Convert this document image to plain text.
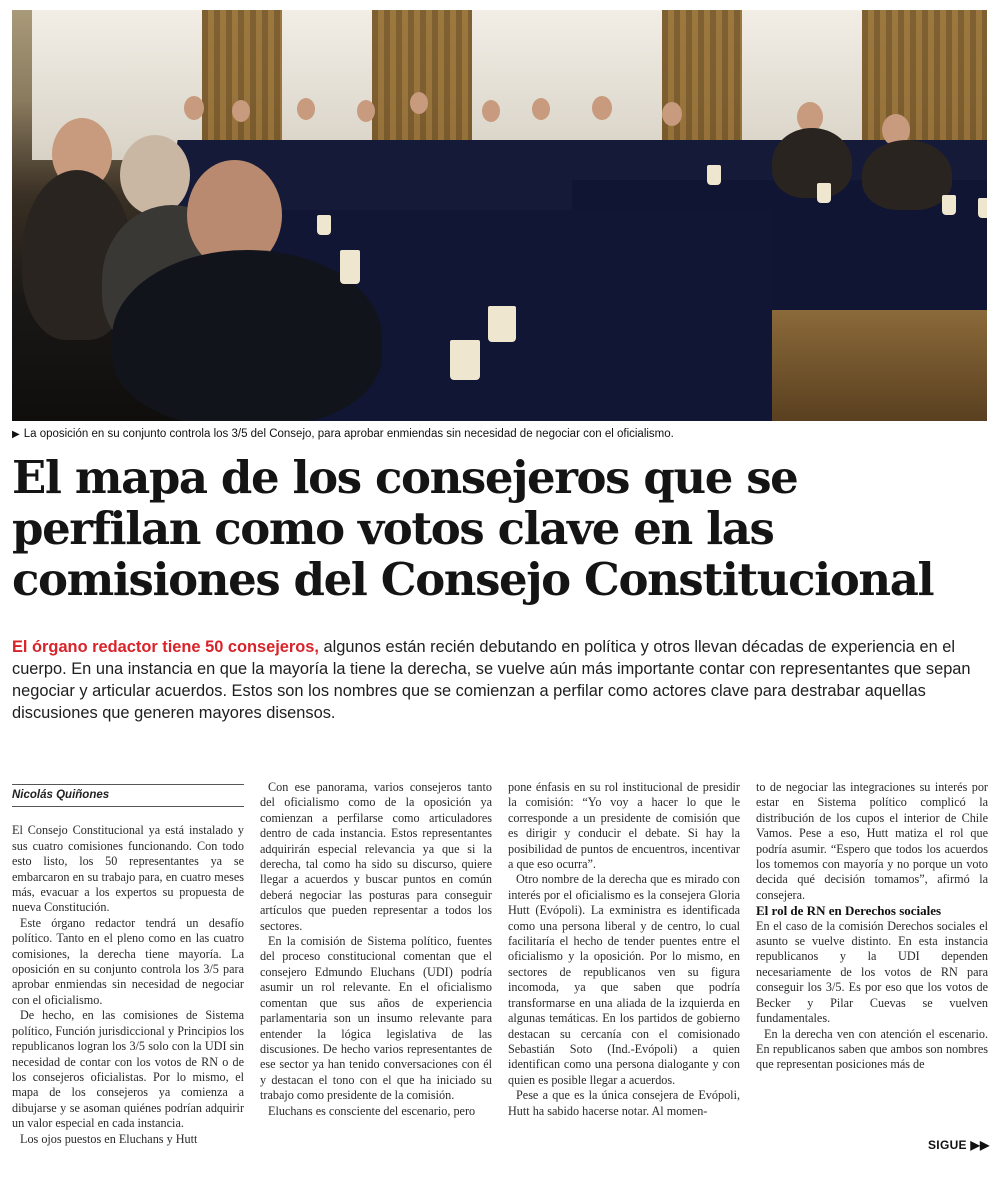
▶ La oposición en su conjunto controla los 3/5 del Consejo, para aprobar enmiendas sin necesidad de negociar con el oficialismo.
El mapa de los consejeros que se perfilan como votos clave en las comisiones del Consejo Constitucional

El órgano redactor tiene 50 consejeros, algunos están recién debutando en política y otros llevan décadas de experiencia en el cuerpo. En una instancia en que la mayoría la tiene la derecha, se vuelve aún más importante contar con representantes que sepan negociar y articular acuerdos. Estos son los nombres que se comienzan a perfilar como actores clave para destrabar aquellas discusiones que generen mayores disensos.

Nicolás Quiñones

El Consejo Constitucional ya está instalado y sus cuatro comisiones funcionando. Con todo esto listo, los 50 representantes ya se embarcaron en su trabajo para, en cuatro meses más, evacuar a los expertos su propuesta de nueva Constitución.

Este órgano redactor tendrá un desafío político. Tanto en el pleno como en las cuatro comisiones, la derecha tiene mayoría. La oposición en su conjunto controla los 3/5 para aprobar enmiendas sin necesidad de negociar con el oficialismo.

De hecho, en las comisiones de Sistema político, Función jurisdiccional y Principios los republicanos logran los 3/5 solo con la UDI sin necesidad de contar con los votos de RN o de los consejeros oficialistas. Por lo mismo, el mapa de los consejeros ya comienza a dibujarse y se asoman quiénes podrían adquirir un valor especial en cada instancia.

Los ojos puestos en Eluchans y Hutt

Con ese panorama, varios consejeros tanto del oficialismo como de la oposición ya comienzan a perfilarse como articuladores dentro de cada instancia. Estos representantes adquirirán especial relevancia ya que si la derecha, tal como ha sido su discurso, quiere llegar a acuerdos y buscar puntos en común deberá negociar las posturas para conseguir artículos que pueden representar a todos los sectores.

En la comisión de Sistema político, fuentes del proceso constitucional comentan que el consejero Edmundo Eluchans (UDI) podría asumir un rol relevante. En el oficialismo comentan que sus años de experiencia parlamentaria son un insumo relevante para entender la lógica legislativa de las discusiones. De hecho varios representantes de ese sector ya han tenido conversaciones con él y destacan el tono con el que ha iniciado su trabajo como presidente de la comisión.

Eluchans es consciente del escenario, pero

pone énfasis en su rol institucional de presidir la comisión: “Yo voy a hacer lo que le corresponde a un presidente de comisión que es dirigir y conducir el debate. Si hay la posibilidad de puntos de encuentros, incentivar a que eso ocurra”.

Otro nombre de la derecha que es mirado con interés por el oficialismo es la consejera Gloria Hutt (Evópoli). La exministra es identificada como una persona liberal y de centro, lo cual facilitaría el hecho de tender puentes entre el oficialismo y la oposición. Por lo mismo, en sectores de republicanos ven su figura incomoda, ya que saben que podría transformarse en una aliada de la izquierda en algunas temáticas. En los partidos de gobierno destacan su cercanía con el comisionado Sebastián Soto (Ind.-Evópoli) a quien identifican como una persona dialogante y con quien es posible llegar a acuerdos.

Pese a que es la única consejera de Evópoli, Hutt ha sabido hacerse notar. Al momen-

to de negociar las integraciones su interés por estar en Sistema político complicó la distribución de los cupos el interior de Chile Vamos. Pese a eso, Hutt matiza el rol que podría asumir. “Espero que todos los acuerdos los tomemos con mayoría y no porque un voto decida qué decisión tomamos”, afirmó la consejera.

El rol de RN en Derechos sociales

En el caso de la comisión Derechos sociales el asunto se vuelve distinto. En esta instancia republicanos y la UDI dependen necesariamente de los votos de RN para conseguir los 3/5. Es por eso que los votos de Becker y Pilar Cuevas se vuelven fundamentales.

En la derecha ven con atención el escenario. En republicanos saben que ambos son nombres que representan posiciones más de

SIGUE ▶▶
